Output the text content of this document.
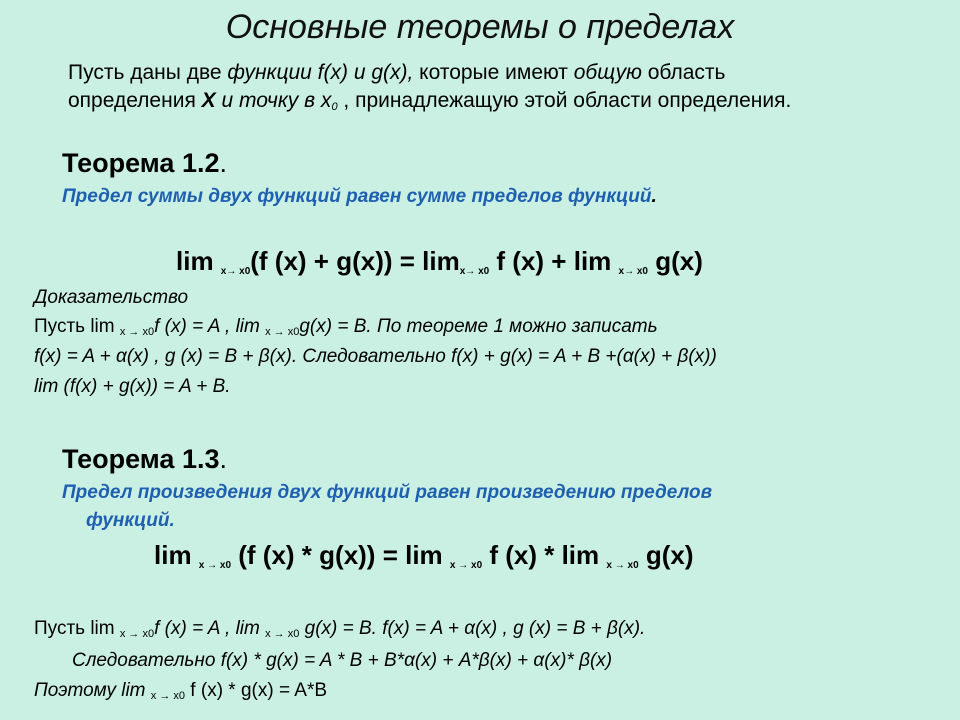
Основные теоремы о пределах
Пусть даны две функции f(x) и g(x), которые имеют общую область
определения Х и точку в $x_0$ , принадлежащую этой области определения.
Теорема 1.2.
Предел суммы двух функций равен сумме пределов функций.
lim $_{x\to x0}$(f $(x) + g(x)) = \lim_{x\to x0} f$ (x) + lim $_{x\to x0}$ g(x)
Доказательство
Пусть lim $_{x \to x0}$f (x) = A , lim $_{x \to x0}$g(x) = B. По теореме 1 можно записать
f(x) = A + α(x) , g (x) = B + β(x). Следовательно f(x) + g(x) = A + B +(α(x) + β(x))
lim (f(x) + g(x)) = A + B.
Теорема 1.3.
Предел произведения двух функций равен произведению пределов
функций.
lim $_{x \to x0}$ (f (x) * g(x)) = lim $_{x \to x0}$ f (x) * lim $_{x \to x0}$ g(x)
Пусть lim $_{x \to x0}$f (x) = A , lim $_{x \to x0}$ g(x) = B. f(x) = A + α(x) , g (x) = B + β(x).
Следовательно f(x) * g(x) = A * B + B*α(x) + A*β(x) + α(x)* β(x)
Поэтому lim $_{x \to x0}$ f (x) * g(x) = A*B
